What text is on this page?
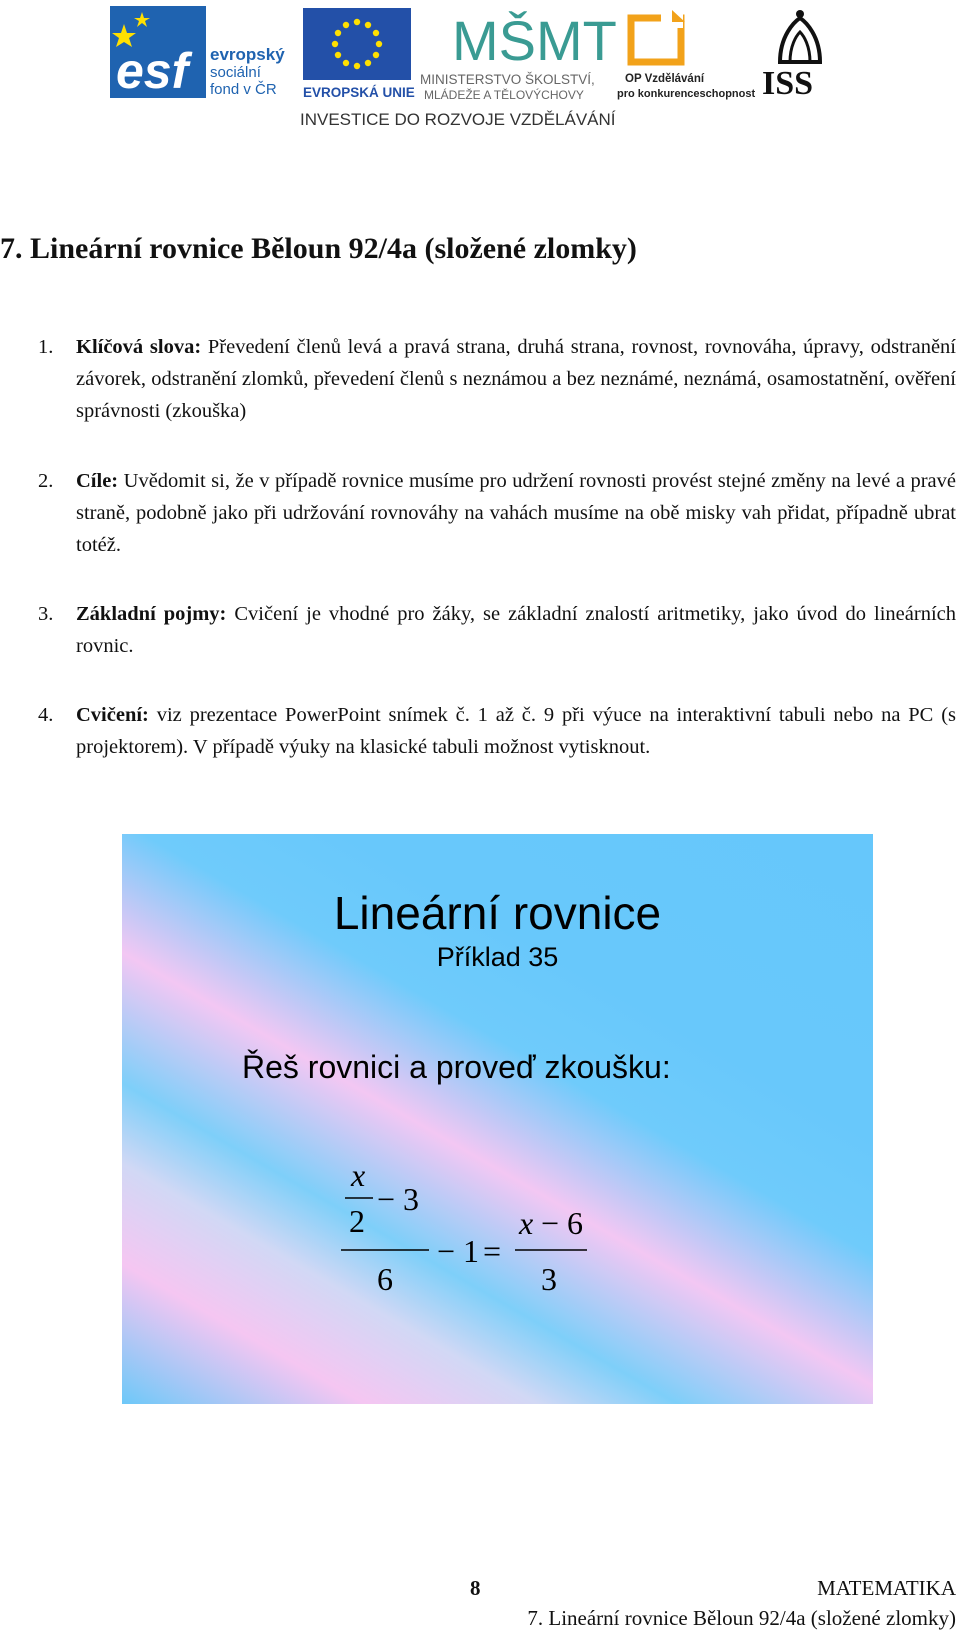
esf evropský
sociální
fond v ČR EVROPSKÁ UNIE
MŠMT
MINISTERSTVO ŠKOLSTVÍ,
MLÁDEŽE A TĚLOVÝCHOVY
OP Vzdělávání
pro konkurenceschopnost ISS
INVESTICE DO ROZVOJE VZDĚLÁVÁNÍ
7. Lineární rovnice Běloun 92/4a (složené zlomky)
1.	Klíčová slova: Převedení členů levá a pravá strana, druhá strana, rovnost, rovnováha, úpravy, odstranění závorek, odstranění zlomků, převedení členů s neznámou a bez neznámé, neznámá, osamostatnění, ověření správnosti (zkouška)
2.	Cíle: Uvědomit si, že v případě rovnice musíme pro udržení rovnosti provést stejné změny na levé a pravé straně, podobně jako při udržování rovnováhy na vahách musíme na obě misky vah přidat, případně ubrat totéž.
3.	Základní pojmy: Cvičení je vhodné pro žáky, se základní znalostí aritmetiky, jako úvod do lineárních rovnic.
4.	Cvičení: viz prezentace PowerPoint snímek č. 1 až č. 9 při výuce na interaktivní tabuli nebo na PC (s projektorem). V případě výuky na klasické tabuli možnost vytisknout.
Lineární rovnice
Příklad 35
Řeš rovnici a proveď zkoušku:
x
2
− 3
6
− 1 =
x − 6
3
8	MATEMATIKA
7. Lineární rovnice Běloun 92/4a (složené zlomky)
